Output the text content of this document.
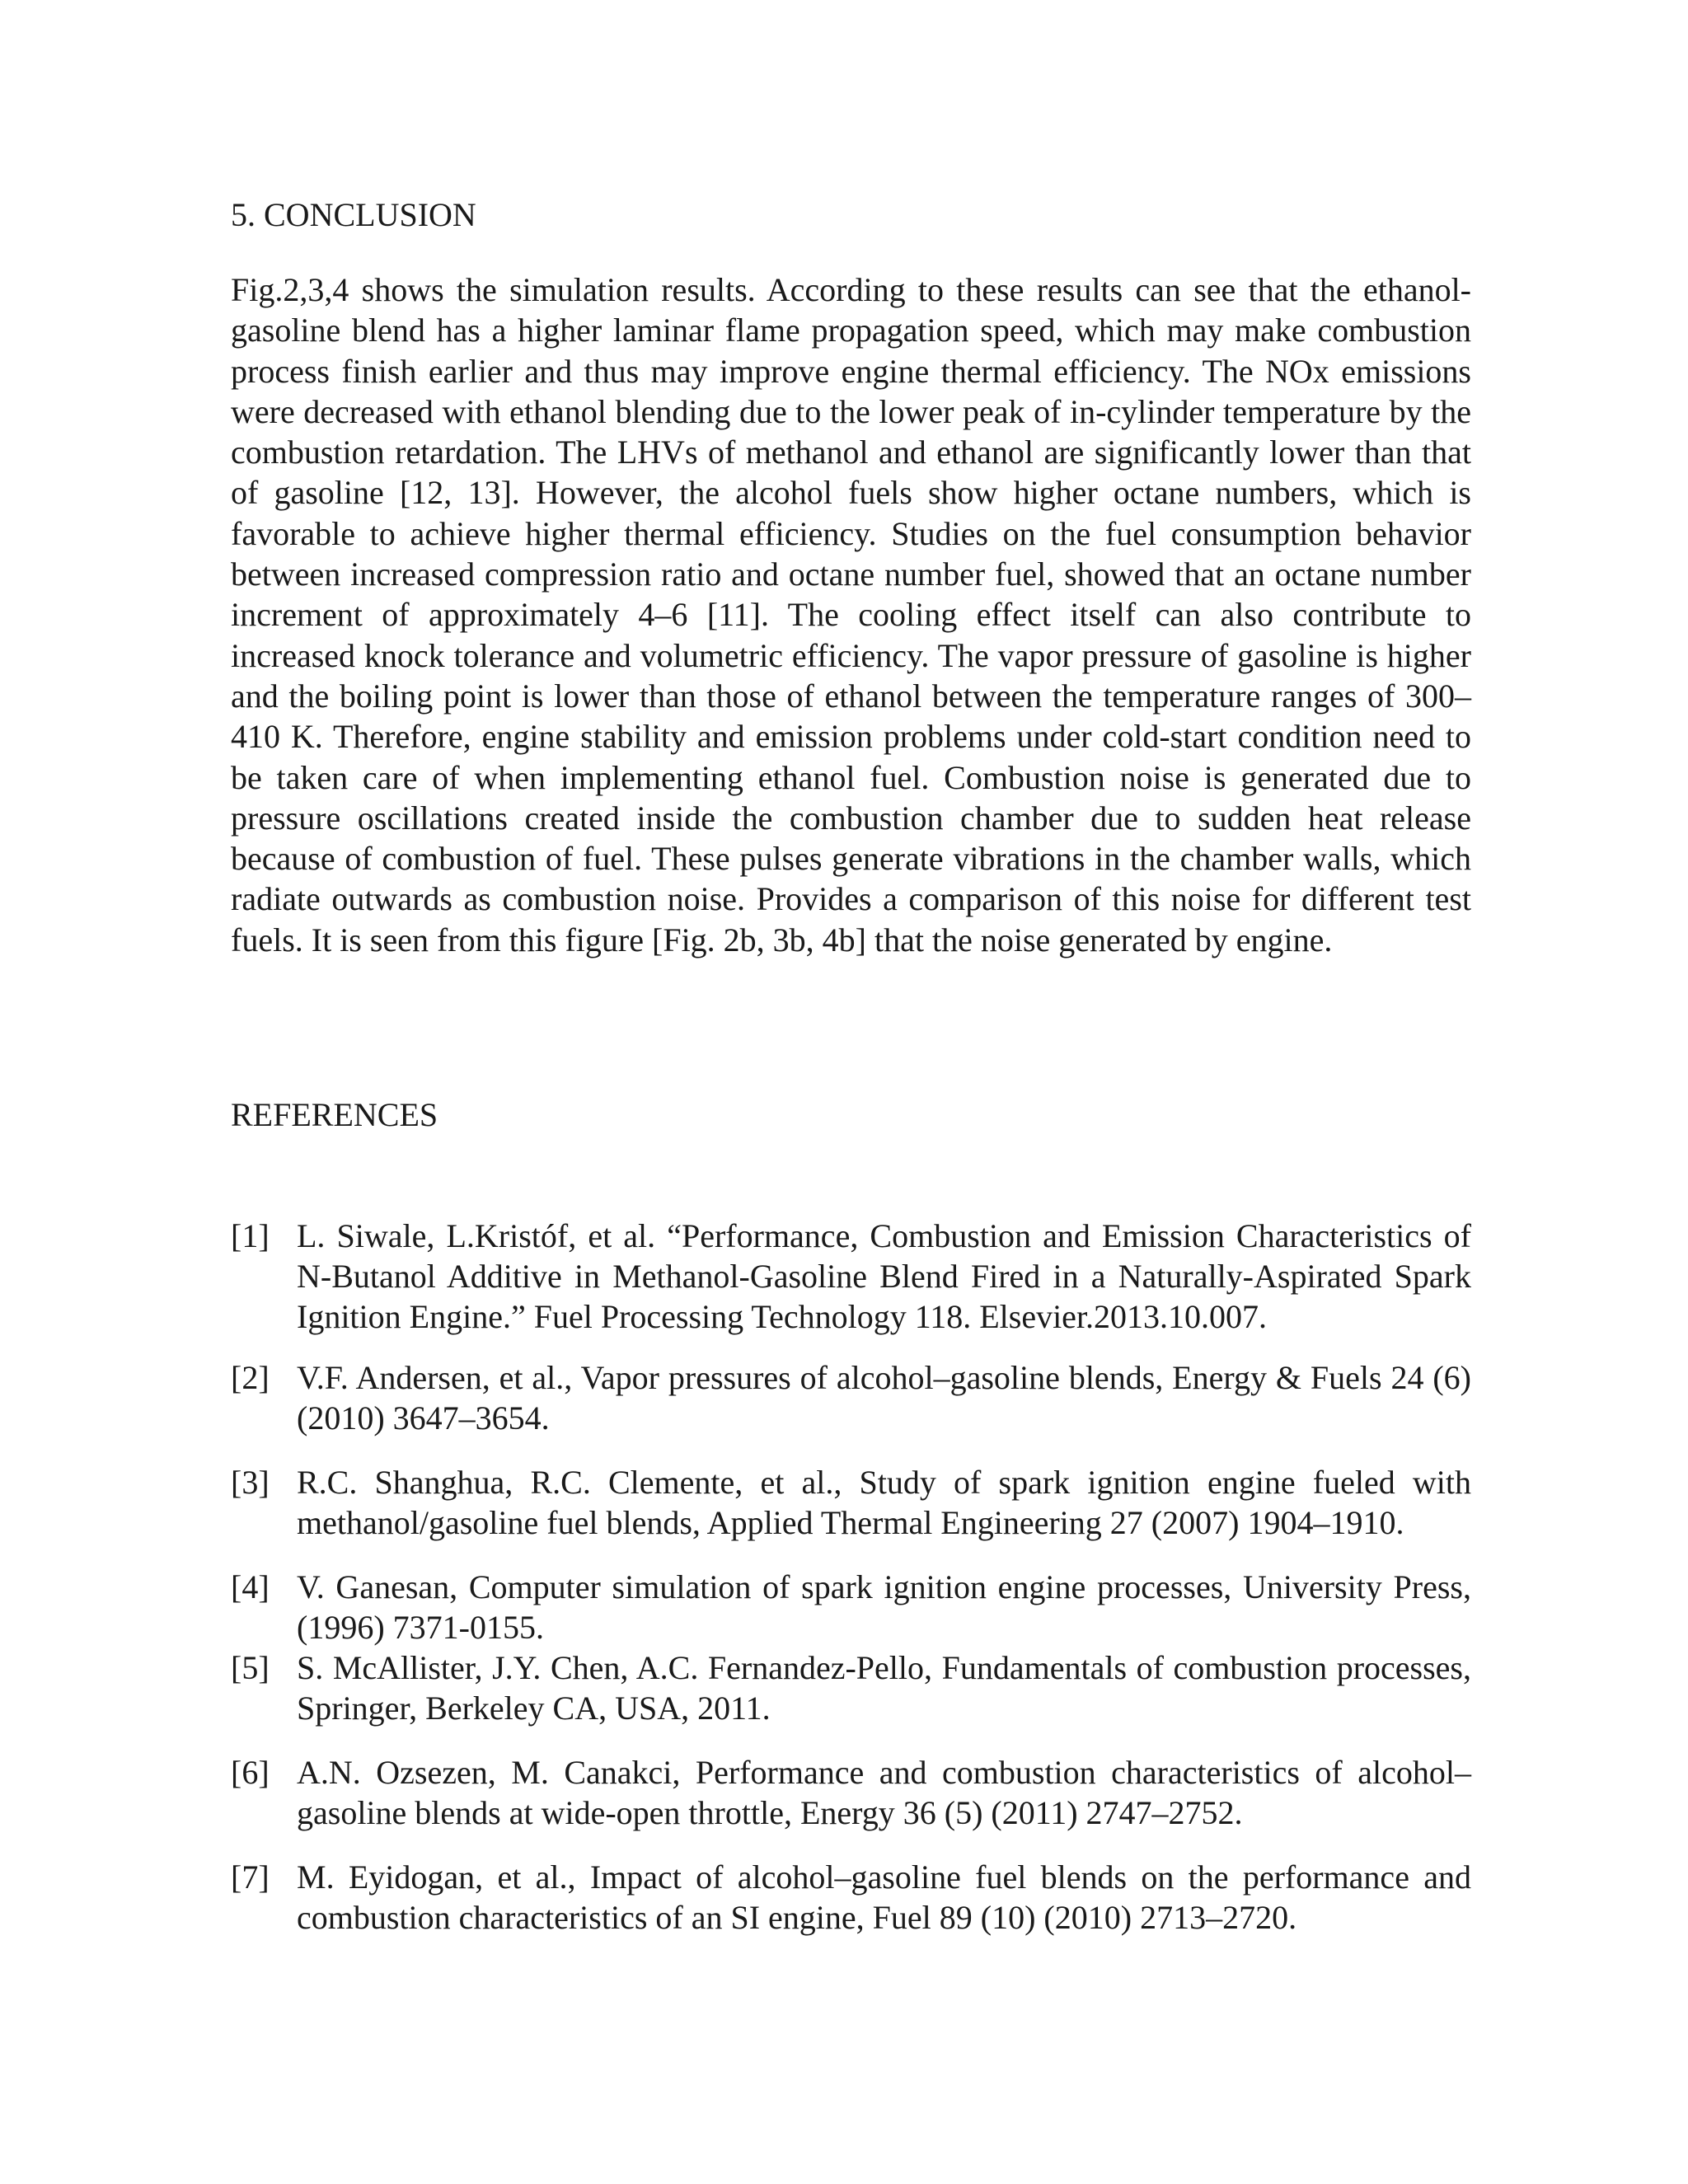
5. CONCLUSION

Fig.2,3,4 shows the simulation results. According to these results can see that the ethanol-gasoline blend has a higher laminar flame propagation speed, which may make combustion process finish earlier and thus may improve engine thermal efficiency. The NOx emissions were decreased with ethanol blending due to the lower peak of in-cylinder temperature by the combustion retardation. The LHVs of methanol and ethanol are significantly lower than that of gasoline [12, 13]. However, the alcohol fuels show higher octane numbers, which is favorable to achieve higher thermal efficiency. Studies on the fuel consumption behavior between increased compression ratio and octane number fuel, showed that an octane number increment of approximately 4–6 [11]. The cooling effect itself can also contribute to increased knock tolerance and volumetric efficiency. The vapor pressure of gasoline is higher and the boiling point is lower than those of ethanol between the temperature ranges of 300–410 K. Therefore, engine stability and emission problems under cold-start condition need to be taken care of when implementing ethanol fuel. Combustion noise is generated due to pressure oscillations created inside the combustion chamber due to sudden heat release because of combustion of fuel. These pulses generate vibrations in the chamber walls, which radiate outwards as combustion noise. Provides a comparison of this noise for different test fuels. It is seen from this figure [Fig. 2b, 3b, 4b] that the noise generated by engine.

REFERENCES
[1] L. Siwale, L.Kristóf, et al. “Performance, Combustion and Emission Characteristics of N-Butanol Additive in Methanol-Gasoline Blend Fired in a Naturally-Aspirated Spark Ignition Engine.” Fuel Processing Technology 118. Elsevier.2013.10.007.
[2] V.F. Andersen, et al., Vapor pressures of alcohol–gasoline blends, Energy & Fuels 24 (6) (2010) 3647–3654.
[3] R.C. Shanghua, R.C. Clemente, et al., Study of spark ignition engine fueled with methanol/gasoline fuel blends, Applied Thermal Engineering 27 (2007) 1904–1910.
[4] V. Ganesan, Computer simulation of spark ignition engine processes, University Press, (1996) 7371-0155.
[5] S. McAllister, J.Y. Chen, A.C. Fernandez-Pello, Fundamentals of combustion processes, Springer, Berkeley CA, USA, 2011.
[6] A.N. Ozsezen, M. Canakci, Performance and combustion characteristics of alcohol–gasoline blends at wide-open throttle, Energy 36 (5) (2011) 2747–2752.
[7] M. Eyidogan, et al., Impact of alcohol–gasoline fuel blends on the performance and combustion characteristics of an SI engine, Fuel 89 (10) (2010) 2713–2720.
